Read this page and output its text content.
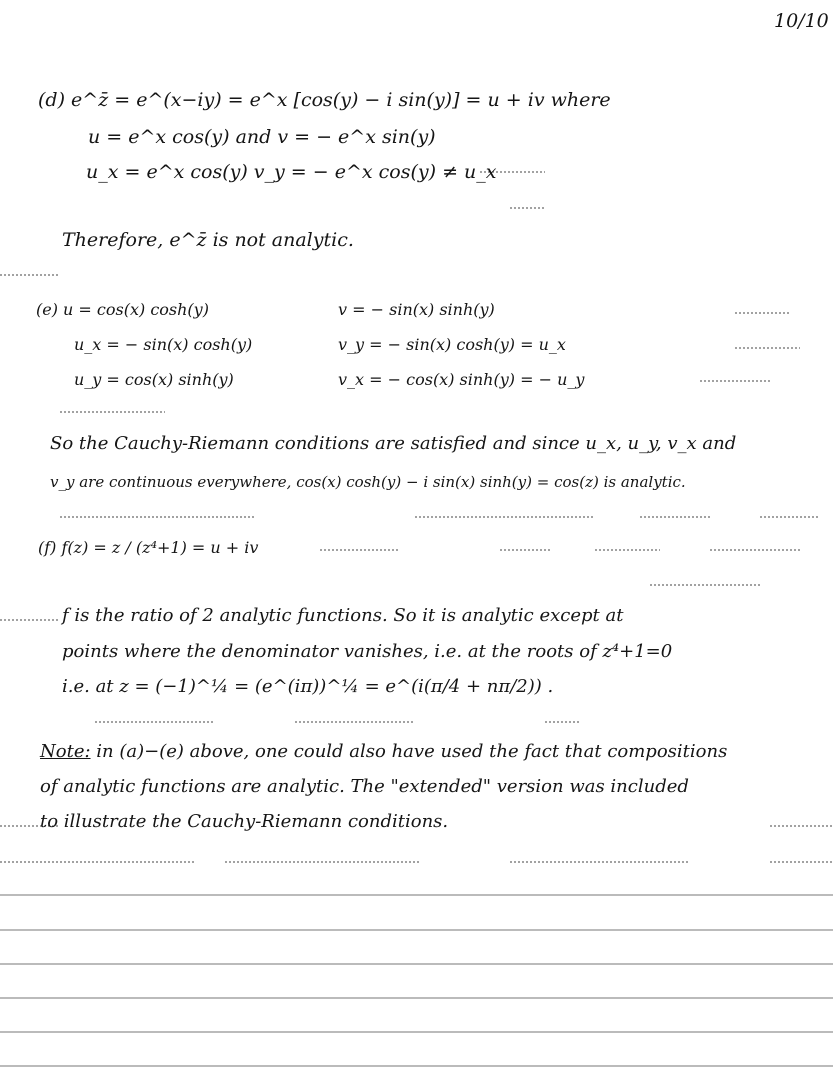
10/10
(d) e^z̄ = e^(x−iy) = e^x [cos(y) − i sin(y)] = u + iv where
u = e^x cos(y) and v = − e^x sin(y)
u_x = e^x cos(y) v_y = − e^x cos(y) ≠ u_x
Therefore, e^z̄ is not analytic.
(e) u = cos(x) cosh(y)	v = − sin(x) sinh(y)
u_x = − sin(x) cosh(y)	v_y = − sin(x) cosh(y) = u_x
u_y = cos(x) sinh(y)	v_x = − cos(x) sinh(y) = − u_y
So the Cauchy-Riemann conditions are satisfied and since u_x, u_y, v_x and
v_y are continuous everywhere, cos(x) cosh(y) − i sin(x) sinh(y) = cos(z) is analytic.
(f) f(z) = z / (z⁴+1) = u + iv
f is the ratio of 2 analytic functions. So it is analytic except at
points where the denominator vanishes, i.e. at the roots of z⁴+1=0
i.e. at z = (−1)^¼ = (e^(iπ))^¼ = e^(i(π/4 + nπ/2)) .
Note: in (a)−(e) above, one could also have used the fact that compositions
of analytic functions are analytic. The "extended" version was included
to illustrate the Cauchy-Riemann conditions.
